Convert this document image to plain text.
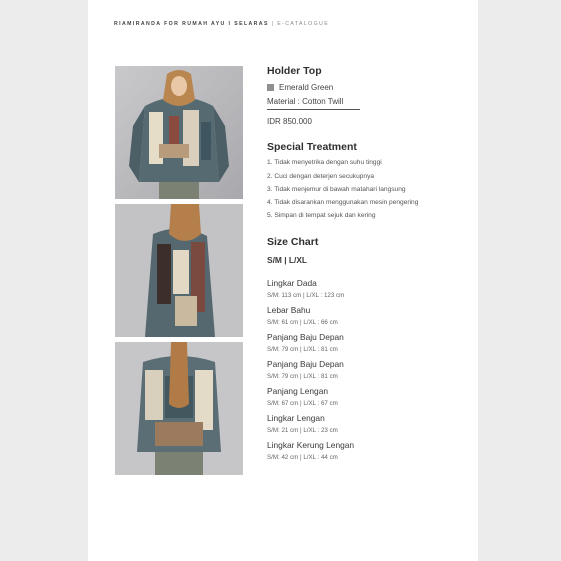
RIAMIRANDA FOR RUMAH AYU I SELARAS | E-CATALOGUE
Holder Top
Emerald Green
Material : Cotton Twill
IDR 850.000
Special Treatment
1. Tidak menyetrika dengan suhu tinggi
2. Cuci dengan deterjen secukupnya
3. Tidak menjemur di bawah matahari langsung
4. Tidak disarankan menggunakan mesin pengering
5. Simpan di tempat sejuk dan kering
Size Chart
S/M | L/XL
Lingkar Dada
S/M: 113 cm | L/XL : 123 cm
Lebar Bahu
S/M: 61 cm | L/XL : 66 cm
Panjang Baju Depan
S/M: 79 cm | L/XL : 81 cm
Panjang Baju Depan
S/M: 79 cm | L/XL : 81 cm
Panjang Lengan
S/M: 67 cm | L/XL : 67 cm
Lingkar Lengan
S/M: 21 cm | L/XL : 23 cm
Lingkar Kerung Lengan
S/M: 42 cm | L/XL : 44 cm
